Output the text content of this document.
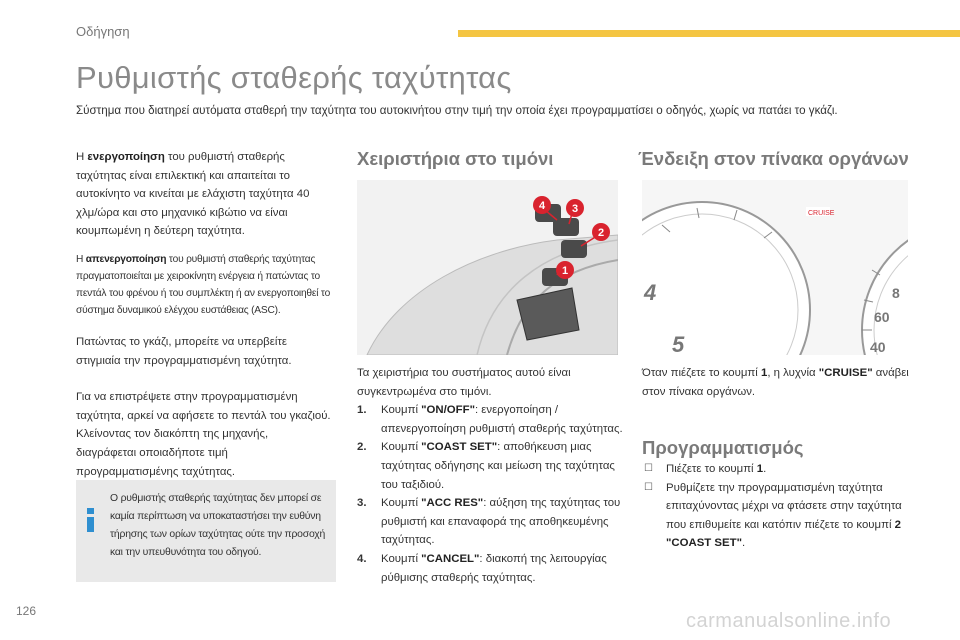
Οδήγηση
Ρυθμιστής σταθερής ταχύτητας
Σύστημα που διατηρεί αυτόματα σταθερή την ταχύτητα του αυτοκινήτου στην τιμή την οποία έχει προγραμματίσει ο οδηγός, χωρίς να πατάει το γκάζι.

Η ενεργοποίηση του ρυθμιστή σταθερής ταχύτητας είναι επιλεκτική και απαιτείται το αυτοκίνητο να κινείται με ελάχιστη ταχύτητα 40 χλμ/ώρα και στο μηχανικό κιβώτιο να είναι κουμπωμένη η δεύτερη ταχύτητα.

Η απενεργοποίηση του ρυθμιστή σταθερής ταχύτητας πραγματοποιείται με χειροκίνητη ενέργεια ή πατώντας το πεντάλ του φρένου ή του συμπλέκτη ή αν ενεργοποιηθεί το σύστημα δυναμικού ελέγχου ευστάθειας (ASC).

Πατώντας το γκάζι, μπορείτε να υπερβείτε στιγμιαία την προγραμματισμένη ταχύτητα.

Για να επιστρέψετε στην προγραμματισμένη ταχύτητα, αρκεί να αφήσετε το πεντάλ του γκαζιού. Κλείνοντας τον διακόπτη της μηχανής, διαγράφεται οποιαδήποτε τιμή προγραμματισμένης ταχύτητας.

Ο ρυθμιστής σταθερής ταχύτητας δεν μπορεί σε καμία περίπτωση να υποκαταστήσει την ευθύνη τήρησης των ορίων ταχύτητας ούτε την προσοχή και την υπευθυνότητα του οδηγού.
Χειριστήρια στο τιμόνι
4 3
2
1

Τα χειριστήρια του συστήματος αυτού είναι συγκεντρωμένα στο τιμόνι.

1. Κουμπί "ON/OFF": ενεργοποίηση / απενεργοποίηση ρυθμιστή σταθερής ταχύτητας.
2. Κουμπί "COAST SET": αποθήκευση μιας ταχύτητας οδήγησης και μείωση της ταχύτητας του ταξιδιού.
3. Κουμπί "ACC RES": αύξηση της ταχύτητας του ρυθμιστή και επαναφορά της αποθηκευμένης ταχύτητας.
4. Κουμπί "CANCEL": διακοπή της λειτουργίας ρύθμισης σταθερής ταχύτητας.
Ένδειξη στον πίνακα οργάνων
CRUISE
4
5
8
60
40
Όταν πιέζετε το κουμπί 1, η λυχνία "CRUISE" ανάβει στον πίνακα οργάνων.
Προγραμματισμός
☐ Πιέζετε το κουμπί 1.
☐ Ρυθμίζετε την προγραμματισμένη ταχύτητα επιταχύνοντας μέχρι να φτάσετε στην ταχύτητα που επιθυμείτε και κατόπιν πιέζετε το κουμπί 2 "COAST SET".
126	carmanualsonline.info
